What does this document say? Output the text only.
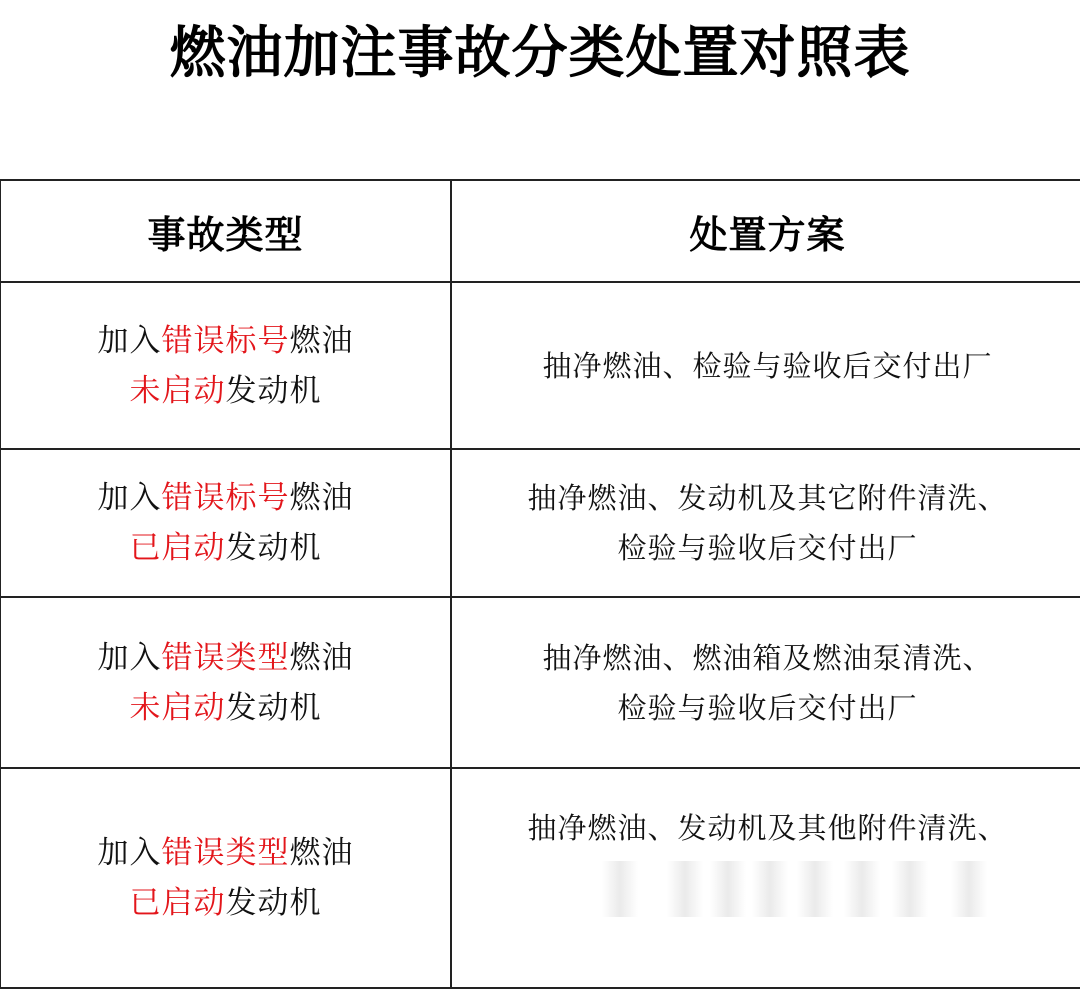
燃油加注事故分类处置对照表
事故类型	处置方案

加入错误标号燃油
未启动发动机	抽净燃油、检验与验收后交付出厂

加入错误标号燃油
已启动发动机	抽净燃油、发动机及其它附件清洗、
检验与验收后交付出厂

加入错误类型燃油
未启动发动机	抽净燃油、燃油箱及燃油泵清洗、
检验与验收后交付出厂

加入错误类型燃油
已启动发动机	抽净燃油、发动机及其他附件清洗、
